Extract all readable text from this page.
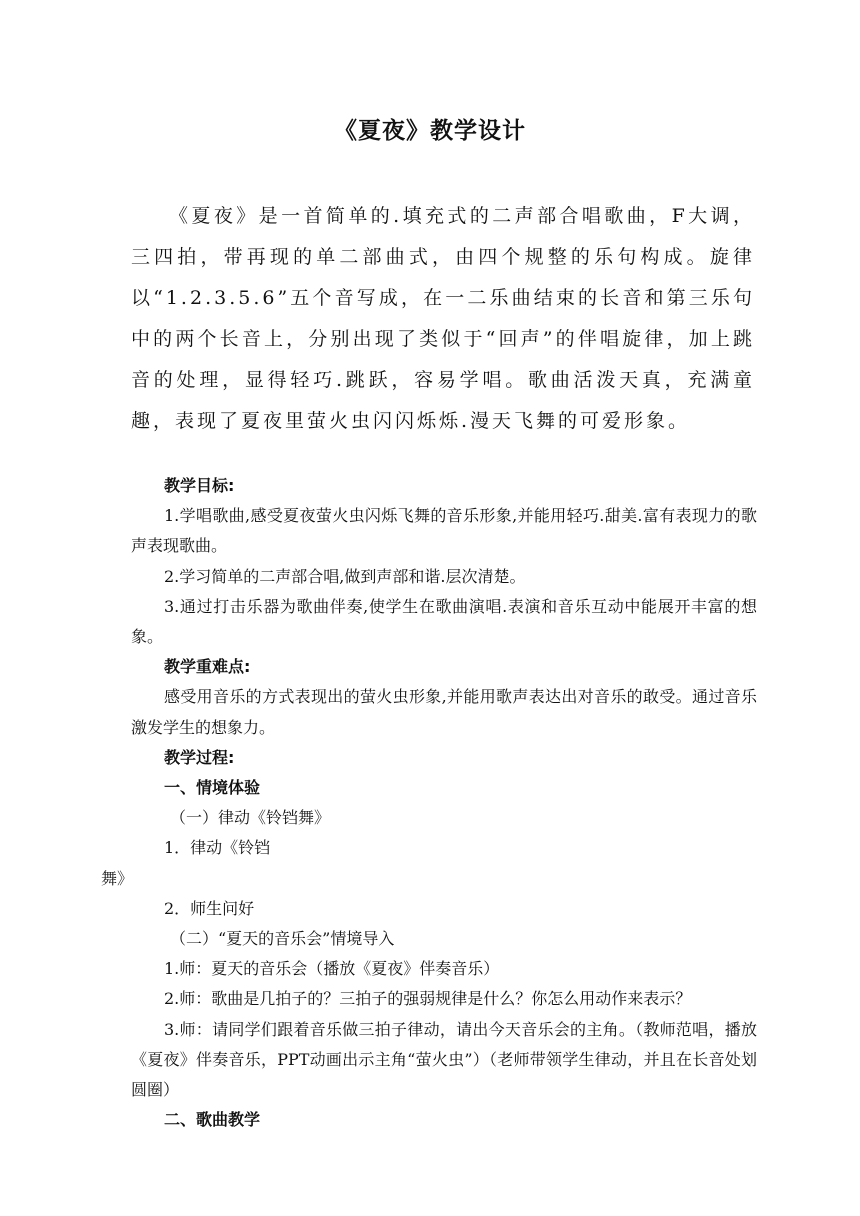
《夏夜》教学设计

《夏夜》是一首简单的.填充式的二声部合唱歌曲，F大调，三四拍，带再现的单二部曲式，由四个规整的乐句构成。旋律以“1.2.3.5.6”五个音写成，在一二乐曲结束的长音和第三乐句中的两个长音上，分别出现了类似于“回声”的伴唱旋律，加上跳音的处理，显得轻巧.跳跃，容易学唱。歌曲活泼天真，充满童趣，表现了夏夜里萤火虫闪闪烁烁.漫天飞舞的可爱形象。

教学目标:

1.学唱歌曲,感受夏夜萤火虫闪烁飞舞的音乐形象,并能用轻巧.甜美.富有表现力的歌声表现歌曲。

2.学习简单的二声部合唱,做到声部和谐.层次清楚。

3.通过打击乐器为歌曲伴奏,使学生在歌曲演唱.表演和音乐互动中能展开丰富的想象。

教学重难点:

感受用音乐的方式表现出的萤火虫形象,并能用歌声表达出对音乐的敢受。通过音乐激发学生的想象力。

教学过程:

一、情境体验

（一）律动《铃铛舞》

1．律动《铃铛

舞》

2．师生问好

（二）“夏天的音乐会”情境导入

1.师：夏天的音乐会（播放《夏夜》伴奏音乐）

2.师：歌曲是几拍子的？三拍子的强弱规律是什么？你怎么用动作来表示？

3.师：请同学们跟着音乐做三拍子律动，请出今天音乐会的主角。（教师范唱，播放《夏夜》伴奏音乐，PPT动画出示主角“萤火虫”）（老师带领学生律动，并且在长音处划圆圈）

二、歌曲教学
